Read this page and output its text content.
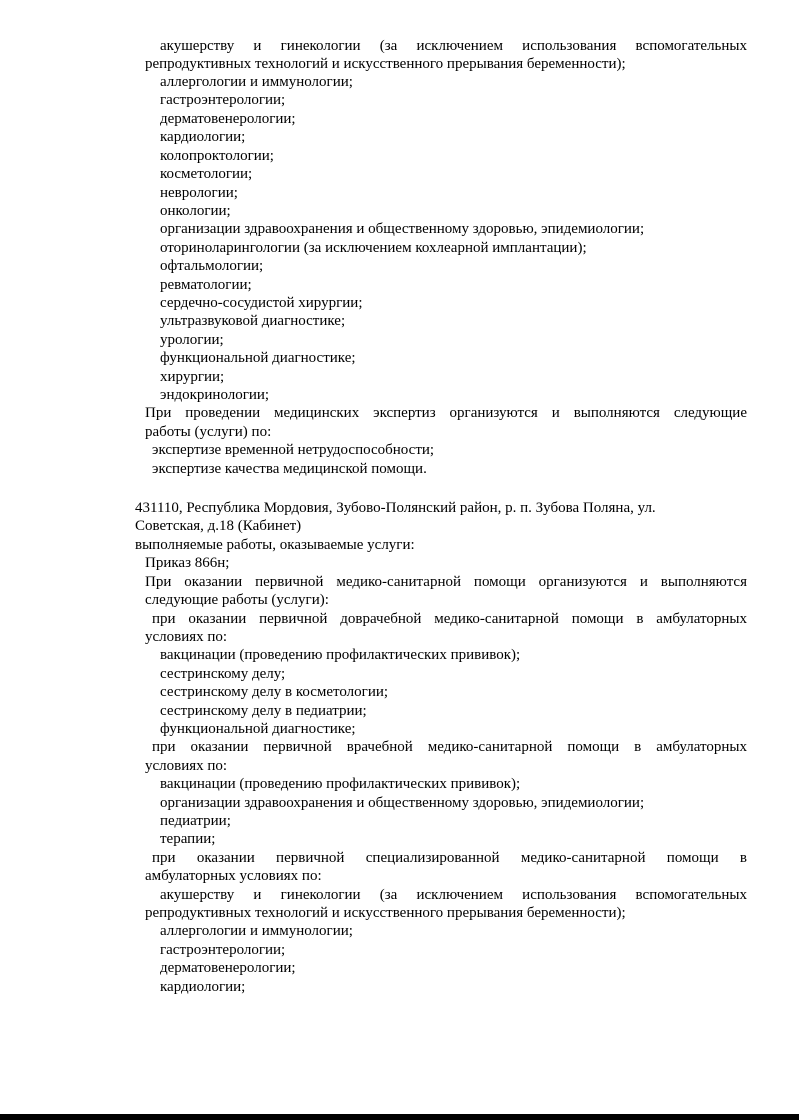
акушерству и гинекологии (за исключением использования вспомогательных
репродуктивных технологий и искусственного прерывания беременности);
аллергологии и иммунологии;
гастроэнтерологии;
дерматовенерологии;
кардиологии;
колопроктологии;
косметологии;
неврологии;
онкологии;
организации здравоохранения и общественному здоровью, эпидемиологии;
оториноларингологии (за исключением кохлеарной имплантации);
офтальмологии;
ревматологии;
сердечно-сосудистой хирургии;
ультразвуковой диагностике;
урологии;
функциональной диагностике;
хирургии;
эндокринологии;
При проведении медицинских экспертиз организуются и выполняются следующие
работы (услуги) по:
экспертизе временной нетрудоспособности;
экспертизе качества медицинской помощи.
431110, Республика Мордовия, Зубово-Полянский район, р. п. Зубова Поляна, ул.
Советская, д.18 (Кабинет)
выполняемые работы, оказываемые услуги:
Приказ 866н;
При оказании первичной медико-санитарной помощи организуются и выполняются
следующие работы (услуги):
при оказании первичной доврачебной медико-санитарной помощи в амбулаторных
условиях по:
вакцинации (проведению профилактических прививок);
сестринскому делу;
сестринскому делу в косметологии;
сестринскому делу в педиатрии;
функциональной диагностике;
при оказании первичной врачебной медико-санитарной помощи в амбулаторных
условиях по:
вакцинации (проведению профилактических прививок);
организации здравоохранения и общественному здоровью, эпидемиологии;
педиатрии;
терапии;
при оказании первичной специализированной медико-санитарной помощи в
амбулаторных условиях по:
акушерству и гинекологии (за исключением использования вспомогательных
репродуктивных технологий и искусственного прерывания беременности);
аллергологии и иммунологии;
гастроэнтерологии;
дерматовенерологии;
кардиологии;
